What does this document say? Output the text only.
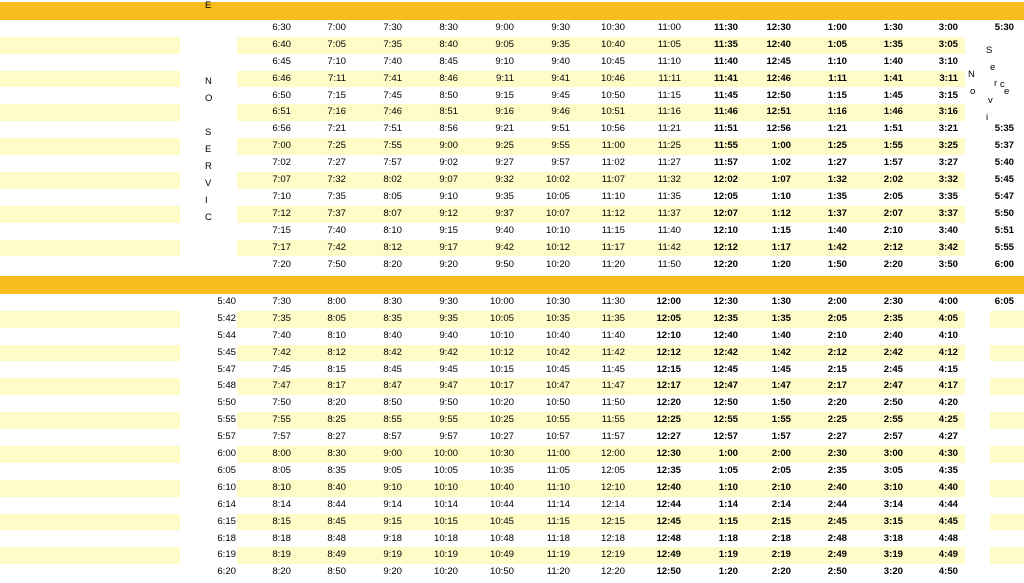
6:30	7:00	7:30	8:30	9:00	9:30	10:30	11:00	11:30	12:30	1:00	1:30	3:00	5:30
6:40	7:05	7:35	8:40	9:05	9:35	10:40	11:05	11:35	12:40	1:05	1:35	3:05
6:45	7:10	7:40	8:45	9:10	9:40	10:45	11:10	11:40	12:45	1:10	1:40	3:10
6:46	7:11	7:41	8:46	9:11	9:41	10:46	11:11	11:41	12:46	1:11	1:41	3:11
6:50	7:15	7:45	8:50	9:15	9:45	10:50	11:15	11:45	12:50	1:15	1:45	3:15
6:51	7:16	7:46	8:51	9:16	9:46	10:51	11:16	11:46	12:51	1:16	1:46	3:16
6:56	7:21	7:51	8:56	9:21	9:51	10:56	11:21	11:51	12:56	1:21	1:51	3:21	5:35
7:00	7:25	7:55	9:00	9:25	9:55	11:00	11:25	11:55	1:00	1:25	1:55	3:25	5:37
7:02	7:27	7:57	9:02	9:27	9:57	11:02	11:27	11:57	1:02	1:27	1:57	3:27	5:40
7:07	7:32	8:02	9:07	9:32	10:02	11:07	11:32	12:02	1:07	1:32	2:02	3:32	5:45
7:10	7:35	8:05	9:10	9:35	10:05	11:10	11:35	12:05	1:10	1:35	2:05	3:35	5:47
7:12	7:37	8:07	9:12	9:37	10:07	11:12	11:37	12:07	1:12	1:37	2:07	3:37	5:50
7:15	7:40	8:10	9:15	9:40	10:10	11:15	11:40	12:10	1:15	1:40	2:10	3:40	5:51
7:17	7:42	8:12	9:17	9:42	10:12	11:17	11:42	12:12	1:17	1:42	2:12	3:42	5:55
7:20	7:50	8:20	9:20	9:50	10:20	11:20	11:50	12:20	1:20	1:50	2:20	3:50	6:00
5:40	7:30	8:00	8:30	9:30	10:00	10:30	11:30	12:00	12:30	1:30	2:00	2:30	4:00	6:05
5:42	7:35	8:05	8:35	9:35	10:05	10:35	11:35	12:05	12:35	1:35	2:05	2:35	4:05
5:44	7:40	8:10	8:40	9:40	10:10	10:40	11:40	12:10	12:40	1:40	2:10	2:40	4:10
5:45	7:42	8:12	8:42	9:42	10:12	10:42	11:42	12:12	12:42	1:42	2:12	2:42	4:12
5:47	7:45	8:15	8:45	9:45	10:15	10:45	11:45	12:15	12:45	1:45	2:15	2:45	4:15
5:48	7:47	8:17	8:47	9:47	10:17	10:47	11:47	12:17	12:47	1:47	2:17	2:47	4:17
5:50	7:50	8:20	8:50	9:50	10:20	10:50	11:50	12:20	12:50	1:50	2:20	2:50	4:20
5:55	7:55	8:25	8:55	9:55	10:25	10:55	11:55	12:25	12:55	1:55	2:25	2:55	4:25
5:57	7:57	8:27	8:57	9:57	10:27	10:57	11:57	12:27	12:57	1:57	2:27	2:57	4:27
6:00	8:00	8:30	9:00	10:00	10:30	11:00	12:00	12:30	1:00	2:00	2:30	3:00	4:30
6:05	8:05	8:35	9:05	10:05	10:35	11:05	12:05	12:35	1:05	2:05	2:35	3:05	4:35
6:10	8:10	8:40	9:10	10:10	10:40	11:10	12:10	12:40	1:10	2:10	2:40	3:10	4:40
6:14	8:14	8:44	9:14	10:14	10:44	11:14	12:14	12:44	1:14	2:14	2:44	3:14	4:44
6:15	8:15	8:45	9:15	10:15	10:45	11:15	12:15	12:45	1:15	2:15	2:45	3:15	4:45
6:18	8:18	8:48	9:18	10:18	10:48	11:18	12:18	12:48	1:18	2:18	2:48	3:18	4:48
6:19	8:19	8:49	9:19	10:19	10:49	11:19	12:19	12:49	1:19	2:19	2:49	3:19	4:49
6:20	8:20	8:50	9:20	10:20	10:50	11:20	12:20	12:50	1:20	2:20	2:50	3:20	4:50
N
O
S
E
R
V
I
C
E
N
o
S
e
r
v
i
c
e
